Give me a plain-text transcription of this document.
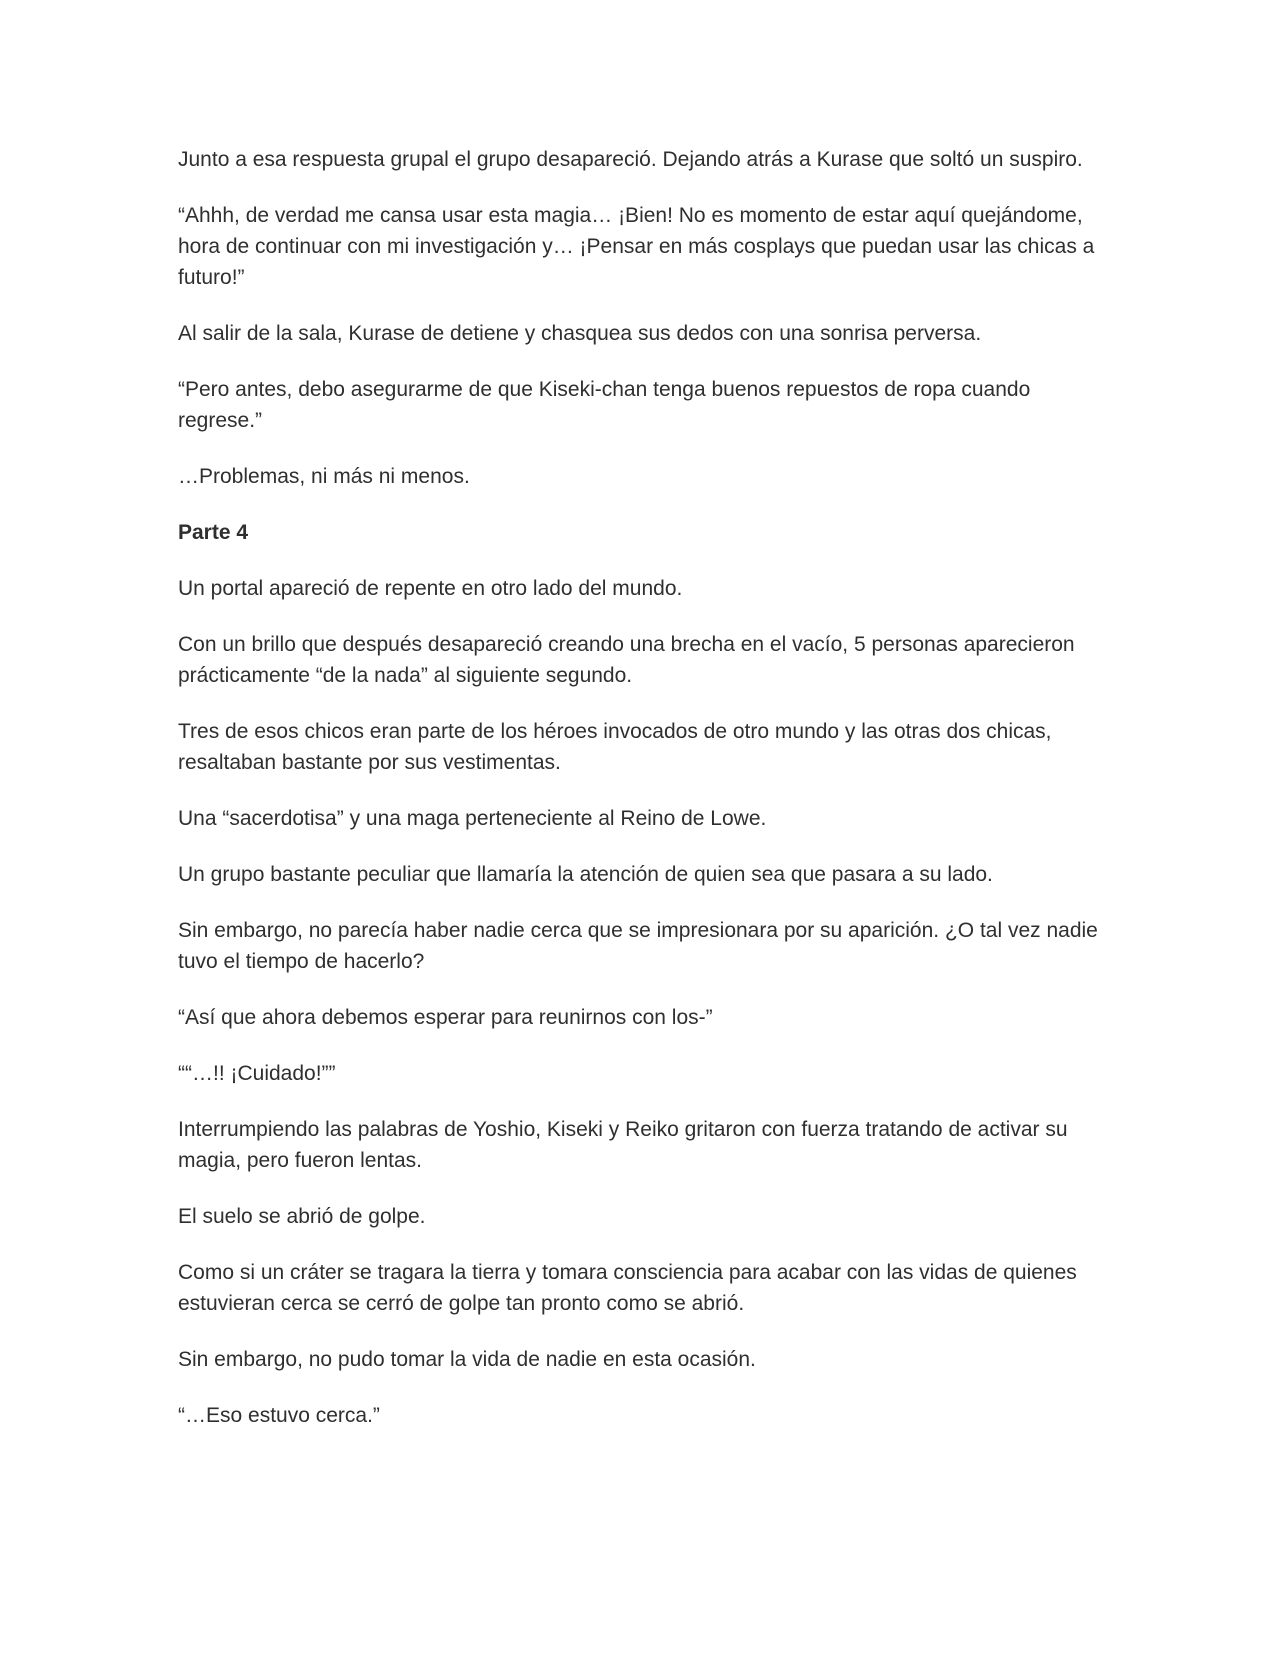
Junto a esa respuesta grupal el grupo desapareció. Dejando atrás a Kurase que soltó un suspiro.

“Ahhh, de verdad me cansa usar esta magia… ¡Bien! No es momento de estar aquí quejándome, hora de continuar con mi investigación y… ¡Pensar en más cosplays que puedan usar las chicas a futuro!”

Al salir de la sala, Kurase de detiene y chasquea sus dedos con una sonrisa perversa.

“Pero antes, debo asegurarme de que Kiseki-chan tenga buenos repuestos de ropa cuando regrese.”

…Problemas, ni más ni menos.

Parte 4

Un portal apareció de repente en otro lado del mundo.

Con un brillo que después desapareció creando una brecha en el vacío, 5 personas aparecieron prácticamente “de la nada” al siguiente segundo.

Tres de esos chicos eran parte de los héroes invocados de otro mundo y las otras dos chicas, resaltaban bastante por sus vestimentas.

Una “sacerdotisa” y una maga perteneciente al Reino de Lowe.

Un grupo bastante peculiar que llamaría la atención de quien sea que pasara a su lado.

Sin embargo, no parecía haber nadie cerca que se impresionara por su aparición. ¿O tal vez nadie tuvo el tiempo de hacerlo?

“Así que ahora debemos esperar para reunirnos con los-”

““…!! ¡Cuidado!””

Interrumpiendo las palabras de Yoshio, Kiseki y Reiko gritaron con fuerza tratando de activar su magia, pero fueron lentas.

El suelo se abrió de golpe.

Como si un cráter se tragara la tierra y tomara consciencia para acabar con las vidas de quienes estuvieran cerca se cerró de golpe tan pronto como se abrió.

Sin embargo, no pudo tomar la vida de nadie en esta ocasión.

“…Eso estuvo cerca.”
